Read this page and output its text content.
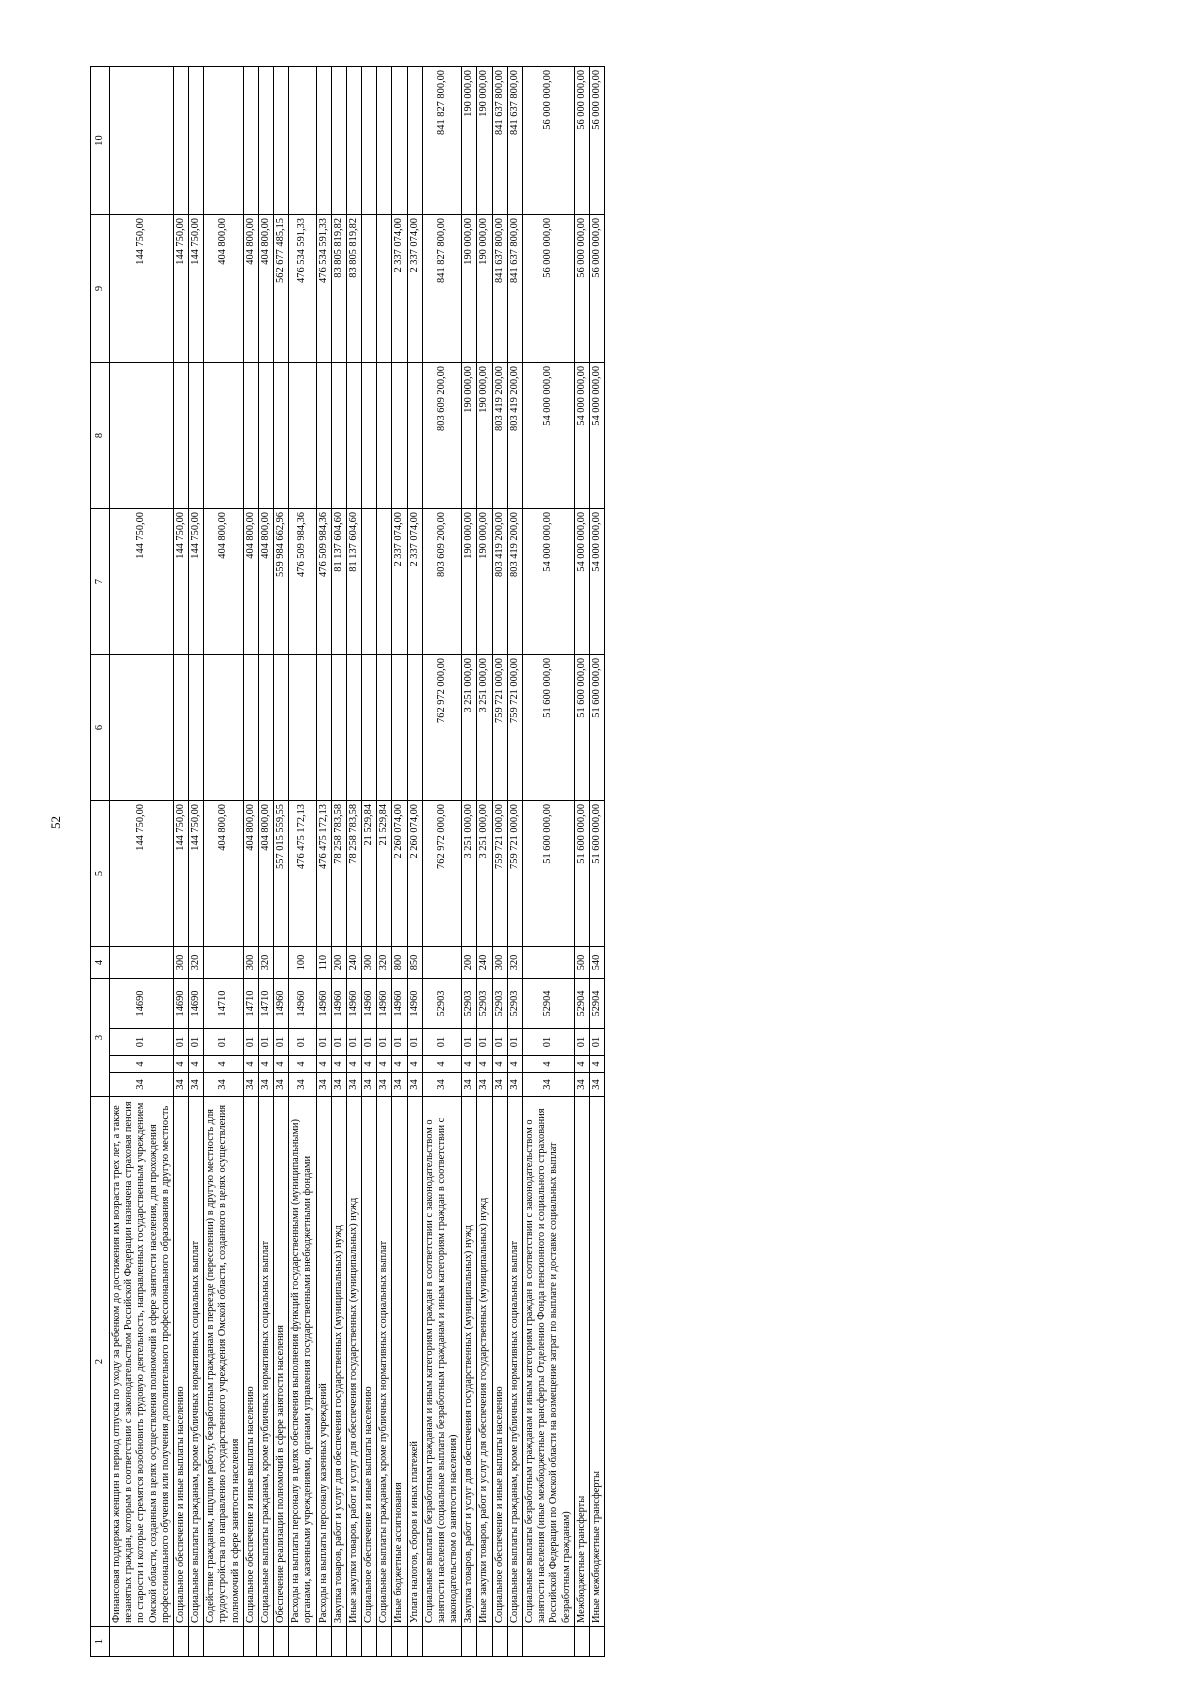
52
1	2	3				4	5	6	7	8	9	10
	Финансовая поддержка женщин в период отпуска по уходу за ребенком до достижения им возраста трех лет, а также незанятых граждан, которым в соответствии с законодательством Российской Федерации назначена страховая пенсия по старости и которые стремятся возобновить трудовую деятельность, направленных государственным учреждением Омской области, созданным в целях осуществления полномочий в сфере занятости населения, для прохождения профессионального обучения или получения дополнительного профессионального образования в другую местность	34	4	01	14690		144 750,00		144 750,00		144 750,00	
	Социальное обеспечение и иные выплаты населению	34	4	01	14690	300	144 750,00		144 750,00		144 750,00	
	Социальные выплаты гражданам, кроме публичных нормативных социальных выплат	34	4	01	14690	320	144 750,00		144 750,00		144 750,00	
	Содействие гражданам, ищущим работу, безработным гражданам в переезде (переселении) в другую местность для трудоустройства по направлению государственного учреждения Омской области, созданного в целях осуществления полномочий в сфере занятости населения	34	4	01	14710		404 800,00		404 800,00		404 800,00	
	Социальное обеспечение и иные выплаты населению	34	4	01	14710	300	404 800,00		404 800,00		404 800,00	
	Социальные выплаты гражданам, кроме публичных нормативных социальных выплат	34	4	01	14710	320	404 800,00		404 800,00		404 800,00	
	Обеспечение реализации полномочий в сфере занятости населения	34	4	01	14960		557 015 559,55		559 984 662,96		562 677 485,15	
	Расходы на выплаты персоналу в целях обеспечения выполнения функций государственными (муниципальными) органами, казенными учреждениями, органами управления государственными внебюджетными фондами	34	4	01	14960	100	476 475 172,13		476 509 984,36		476 534 591,33	
	Расходы на выплаты персоналу казенных учреждений	34	4	01	14960	110	476 475 172,13		476 509 984,36		476 534 591,33	
	Закупка товаров, работ и услуг для обеспечения государственных (муниципальных) нужд	34	4	01	14960	200	78 258 783,58		81 137 604,60		83 805 819,82	
	Иные закупки товаров, работ и услуг для обеспечения государственных (муниципальных) нужд	34	4	01	14960	240	78 258 783,58		81 137 604,60		83 805 819,82	
	Социальное обеспечение и иные выплаты населению	34	4	01	14960	300	21 529,84					
	Социальные выплаты гражданам, кроме публичных нормативных социальных выплат	34	4	01	14960	320	21 529,84					
	Иные бюджетные ассигнования	34	4	01	14960	800	2 260 074,00		2 337 074,00		2 337 074,00	
	Уплата налогов, сборов и иных платежей	34	4	01	14960	850	2 260 074,00		2 337 074,00		2 337 074,00	
	Социальные выплаты безработным гражданам и иным категориям граждан в соответствии с законодательством о занятости населения (социальные выплаты безработным гражданам и иным категориям граждан в соответствии с законодательством о занятости населения)	34	4	01	52903		762 972 000,00	762 972 000,00	803 609 200,00	803 609 200,00	841 827 800,00	841 827 800,00
	Закупка товаров, работ и услуг для обеспечения государственных (муниципальных) нужд	34	4	01	52903	200	3 251 000,00	3 251 000,00	190 000,00	190 000,00	190 000,00	190 000,00
	Иные закупки товаров, работ и услуг для обеспечения государственных (муниципальных) нужд	34	4	01	52903	240	3 251 000,00	3 251 000,00	190 000,00	190 000,00	190 000,00	190 000,00
	Социальное обеспечение и иные выплаты населению	34	4	01	52903	300	759 721 000,00	759 721 000,00	803 419 200,00	803 419 200,00	841 637 800,00	841 637 800,00
	Социальные выплаты гражданам, кроме публичных нормативных социальных выплат	34	4	01	52903	320	759 721 000,00	759 721 000,00	803 419 200,00	803 419 200,00	841 637 800,00	841 637 800,00
	Социальные выплаты безработным гражданам и иным категориям граждан в соответствии с законодательством о занятости населения (иные межбюджетные трансферты Отделению Фонда пенсионного и социального страхования Российской Федерации по Омской области на возмещение затрат по выплате и доставке социальных выплат безработным гражданам)	34	4	01	52904		51 600 000,00	51 600 000,00	54 000 000,00	54 000 000,00	56 000 000,00	56 000 000,00
	Межбюджетные трансферты	34	4	01	52904	500	51 600 000,00	51 600 000,00	54 000 000,00	54 000 000,00	56 000 000,00	56 000 000,00
	Иные межбюджетные трансферты	34	4	01	52904	540	51 600 000,00	51 600 000,00	54 000 000,00	54 000 000,00	56 000 000,00	56 000 000,00
